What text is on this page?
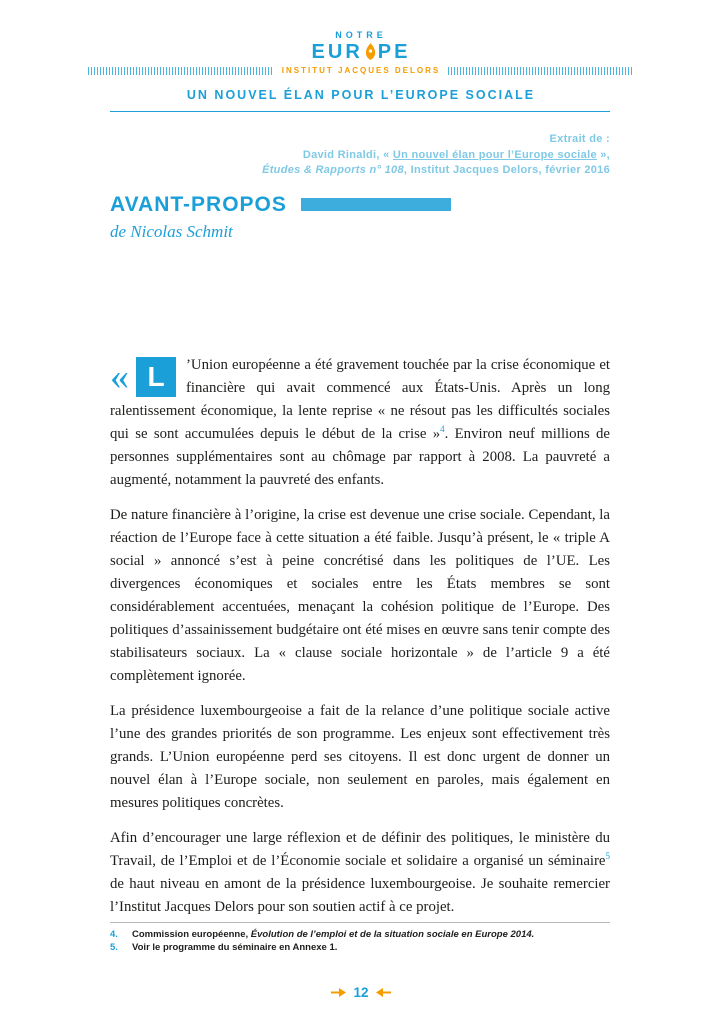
NOTRE
EUR PE
INSTITUT JACQUES DELORS
UN NOUVEL ÉLAN POUR L’EUROPE SOCIALE
Extrait de :
David Rinaldi, « Un nouvel élan pour l’Europe sociale »,
Études & Rapports n° 108, Institut Jacques Delors, février 2016
AVANT-PROPOS
de Nicolas Schmit

« L	’Union européenne a été gravement touchée par la crise économique et financière qui avait commencé aux États-Unis. Après un long ralentissement économique, la lente reprise « ne résout pas les difficultés sociales qui se sont accumulées depuis le début de la crise »$^4$. Environ neuf millions de personnes supplémentaires sont au chômage par rapport à 2008. La pauvreté a augmenté, notamment la pauvreté des enfants.

De nature financière à l’origine, la crise est devenue une crise sociale. Cependant, la réaction de l’Europe face à cette situation a été faible. Jusqu’à présent, le « triple A social » annoncé s’est à peine concrétisé dans les politiques de l’UE. Les divergences économiques et sociales entre les États membres se sont considérablement accentuées, menaçant la cohésion politique de l’Europe. Des politiques d’assainissement budgétaire ont été mises en œuvre sans tenir compte des stabilisateurs sociaux. La « clause sociale horizontale » de l’article 9 a été complètement ignorée.

La présidence luxembourgeoise a fait de la relance d’une politique sociale active l’une des grandes priorités de son programme. Les enjeux sont effectivement très grands. L’Union européenne perd ses citoyens. Il est donc urgent de donner un nouvel élan à l’Europe sociale, non seulement en paroles, mais également en mesures politiques concrètes.

Afin d’encourager une large réflexion et de définir des politiques, le ministère du Travail, de l’Emploi et de l’Économie sociale et solidaire a organisé un séminaire$^5$ de haut niveau en amont de la présidence luxembourgeoise. Je souhaite remercier l’Institut Jacques Delors pour son soutien actif à ce projet.

4.	Commission européenne, Évolution de l’emploi et de la situation sociale en Europe 2014.
5.	Voir le programme du séminaire en Annexe 1.
12
